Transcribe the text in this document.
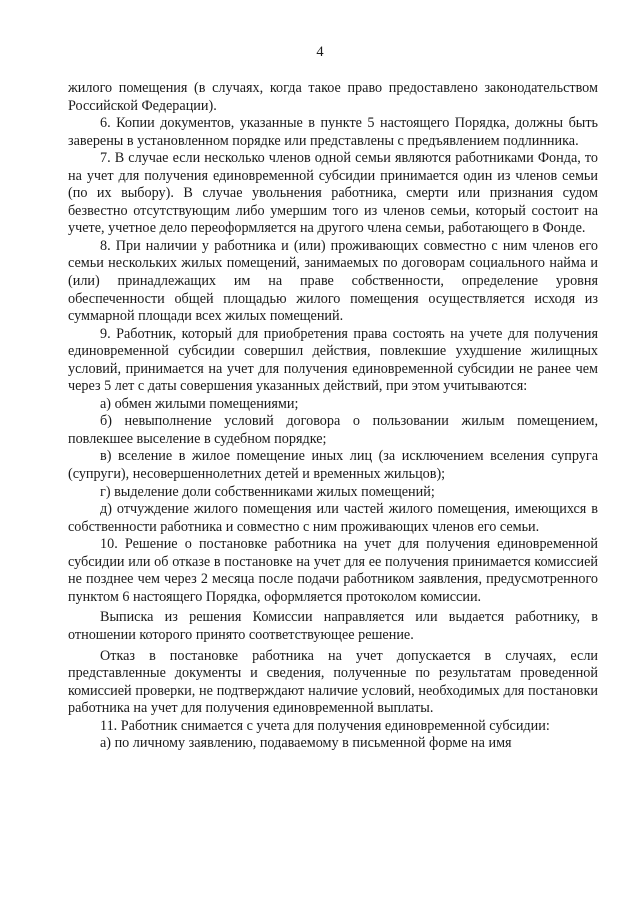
4

жилого помещения (в случаях, когда такое право предоставлено законодательством Российской Федерации).

6. Копии документов, указанные в пункте 5 настоящего Порядка, должны быть заверены в установленном порядке или представлены с предъявлением подлинника.

7. В случае если несколько членов одной семьи являются работниками Фонда, то на учет для получения единовременной субсидии принимается один из членов семьи (по их выбору). В случае увольнения работника, смерти или признания судом безвестно отсутствующим либо умершим того из членов семьи, который состоит на учете, учетное дело переоформляется на другого члена семьи, работающего в Фонде.

8. При наличии у работника и (или) проживающих совместно с ним членов его семьи нескольких жилых помещений, занимаемых по договорам социального найма и (или) принадлежащих им на праве собственности, определение уровня обеспеченности общей площадью жилого помещения осуществляется исходя из суммарной площади всех жилых помещений.

9. Работник, который для приобретения права состоять на учете для получения единовременной субсидии совершил действия, повлекшие ухудшение жилищных условий, принимается на учет для получения единовременной субсидии не ранее чем через 5 лет с даты совершения указанных действий, при этом учитываются:

а) обмен жилыми помещениями;

б) невыполнение условий договора о пользовании жилым помещением, повлекшее выселение в судебном порядке;

в) вселение в жилое помещение иных лиц (за исключением вселения супруга (супруги), несовершеннолетних детей и временных жильцов);

г) выделение доли собственниками жилых помещений;

д) отчуждение жилого помещения или частей жилого помещения, имеющихся в собственности работника и совместно с ним проживающих членов его семьи.

10. Решение о постановке работника на учет для получения единовременной субсидии или об отказе в постановке на учет для ее получения принимается комиссией не позднее чем через 2 месяца после подачи работником заявления, предусмотренного пунктом 6 настоящего Порядка, оформляется протоколом комиссии.

Выписка из решения Комиссии направляется или выдается работнику, в отношении которого принято соответствующее решение.

Отказ в постановке работника на учет допускается в случаях, если представленные документы и сведения, полученные по результатам проведенной комиссией проверки, не подтверждают наличие условий, необходимых для постановки работника на учет для получения единовременной выплаты.

11. Работник снимается с учета для получения единовременной субсидии:

а) по личному заявлению, подаваемому в письменной форме на имя
